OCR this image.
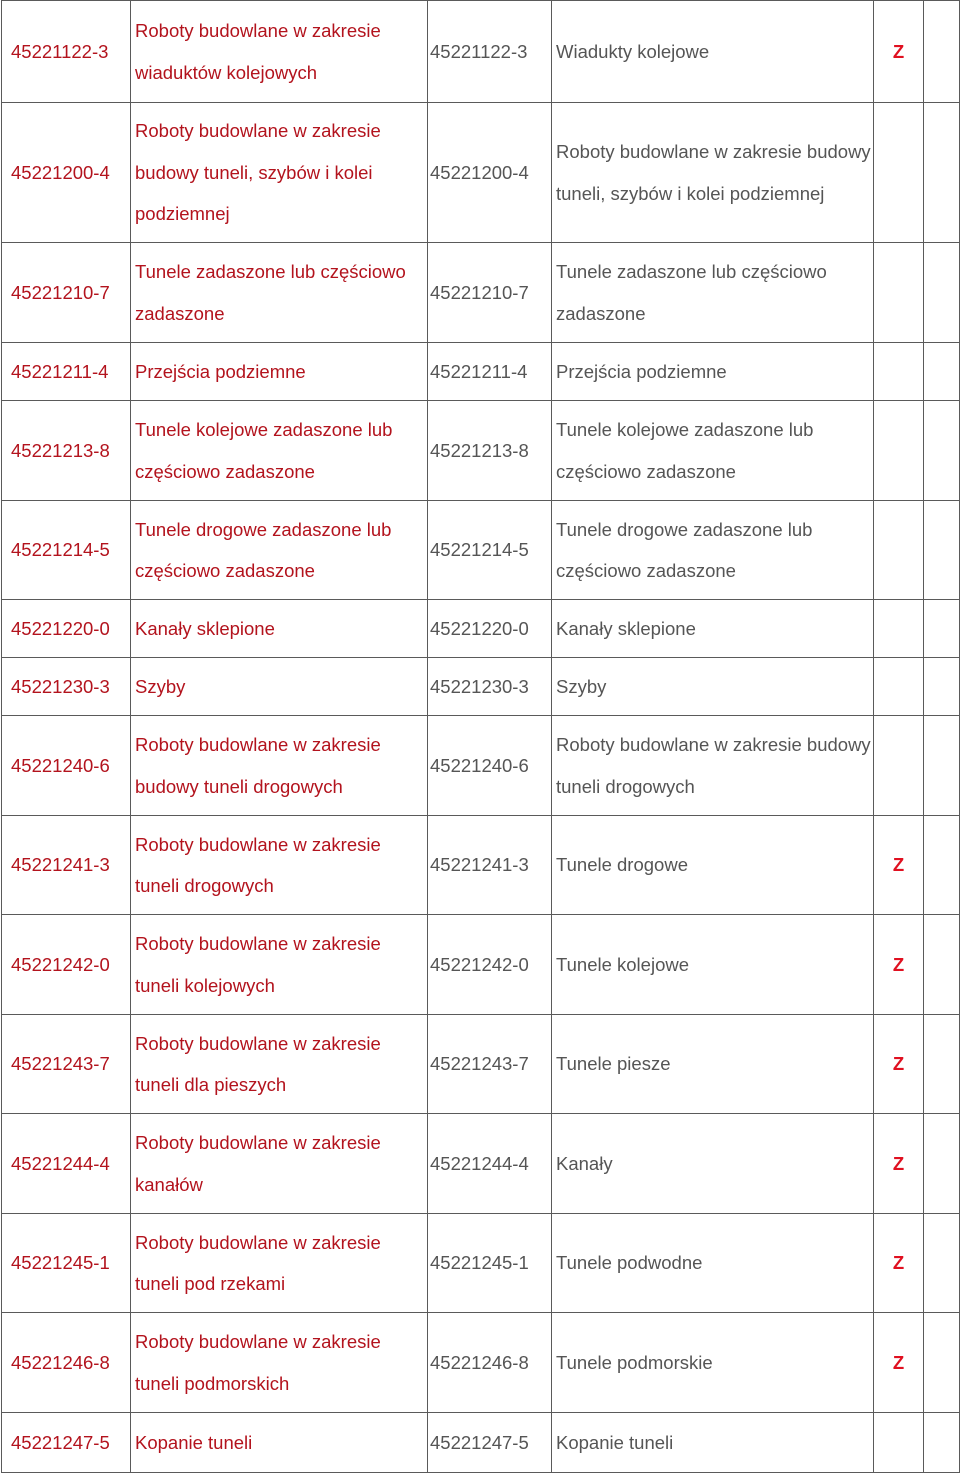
45221122-3	Roboty budowlane w zakresie wiaduktów kolejowych	45221122-3	Wiadukty kolejowe	Z	
45221200-4	Roboty budowlane w zakresie budowy tuneli, szybów i kolei podziemnej	45221200-4	Roboty budowlane w zakresie budowy tuneli, szybów i kolei podziemnej		
45221210-7	Tunele zadaszone lub częściowo zadaszone	45221210-7	Tunele zadaszone lub częściowo zadaszone		
45221211-4	Przejścia podziemne	45221211-4	Przejścia podziemne		
45221213-8	Tunele kolejowe zadaszone lub częściowo zadaszone	45221213-8	Tunele kolejowe zadaszone lub częściowo zadaszone		
45221214-5	Tunele drogowe zadaszone lub częściowo zadaszone	45221214-5	Tunele drogowe zadaszone lub częściowo zadaszone		
45221220-0	Kanały sklepione	45221220-0	Kanały sklepione		
45221230-3	Szyby	45221230-3	Szyby		
45221240-6	Roboty budowlane w zakresie budowy tuneli drogowych	45221240-6	Roboty budowlane w zakresie budowy tuneli drogowych		
45221241-3	Roboty budowlane w zakresie tuneli drogowych	45221241-3	Tunele drogowe	Z	
45221242-0	Roboty budowlane w zakresie tuneli kolejowych	45221242-0	Tunele kolejowe	Z	
45221243-7	Roboty budowlane w zakresie tuneli dla pieszych	45221243-7	Tunele piesze	Z	
45221244-4	Roboty budowlane w zakresie kanałów	45221244-4	Kanały	Z	
45221245-1	Roboty budowlane w zakresie tuneli pod rzekami	45221245-1	Tunele podwodne	Z	
45221246-8	Roboty budowlane w zakresie tuneli podmorskich	45221246-8	Tunele podmorskie	Z	
45221247-5	Kopanie tuneli	45221247-5	Kopanie tuneli		
